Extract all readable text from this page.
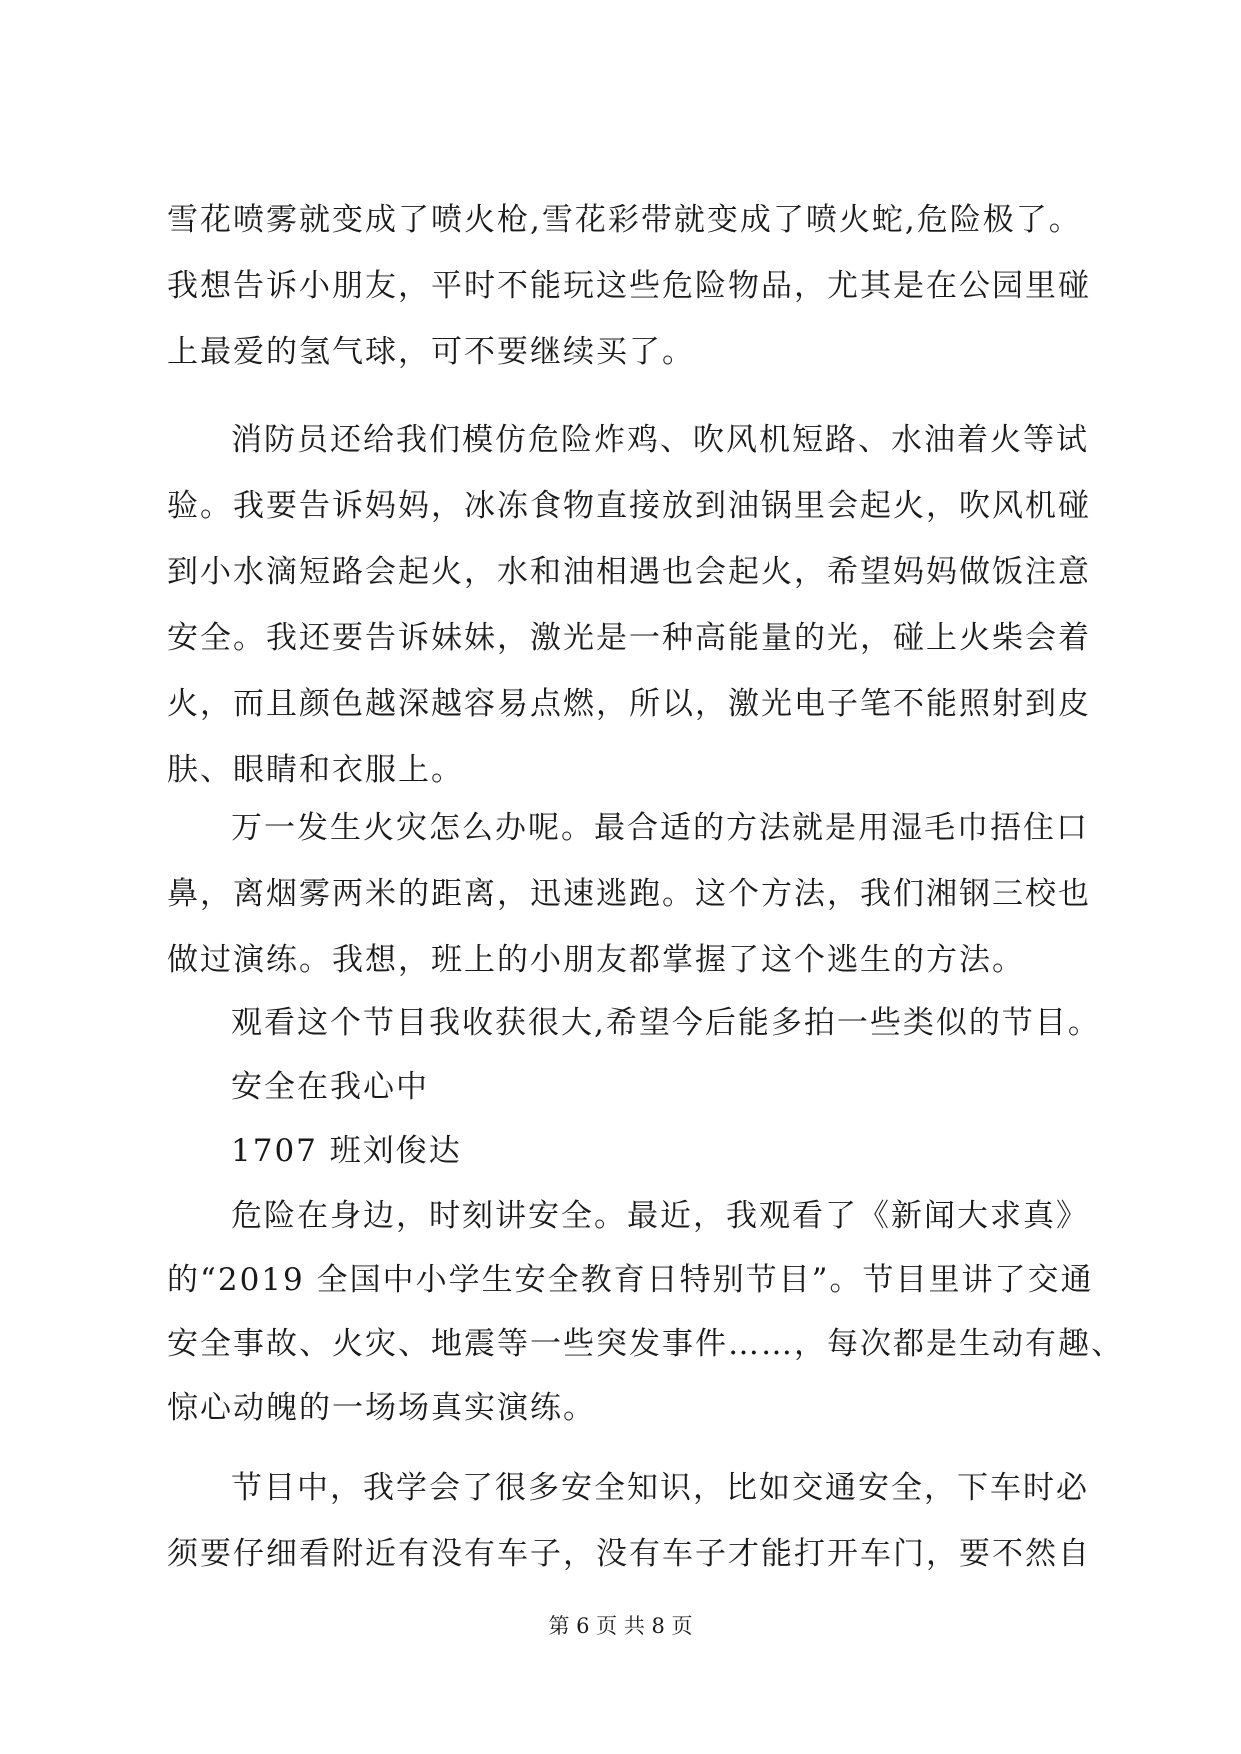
雪花喷雾就变成了喷火枪,雪花彩带就变成了喷火蛇,危险极了。
我想告诉小朋友，平时不能玩这些危险物品，尤其是在公园里碰
上最爱的氢气球，可不要继续买了。
消防员还给我们模仿危险炸鸡、吹风机短路、水油着火等试
验。我要告诉妈妈，冰冻食物直接放到油锅里会起火，吹风机碰
到小水滴短路会起火，水和油相遇也会起火，希望妈妈做饭注意
安全。我还要告诉妹妹，激光是一种高能量的光，碰上火柴会着
火，而且颜色越深越容易点燃，所以，激光电子笔不能照射到皮
肤、眼睛和衣服上。
万一发生火灾怎么办呢。最合适的方法就是用湿毛巾捂住口
鼻，离烟雾两米的距离，迅速逃跑。这个方法，我们湘钢三校也
做过演练。我想，班上的小朋友都掌握了这个逃生的方法。
观看这个节目我收获很大,希望今后能多拍一些类似的节目。
安全在我心中
1707 班刘俊达
危险在身边，时刻讲安全。最近，我观看了《新闻大求真》
的“2019 全国中小学生安全教育日特别节目”。节目里讲了交通
安全事故、火灾、地震等一些突发事件……，每次都是生动有趣、
惊心动魄的一场场真实演练。
节目中，我学会了很多安全知识，比如交通安全，下车时必
须要仔细看附近有没有车子，没有车子才能打开车门，要不然自
第 6 页 共 8 页
